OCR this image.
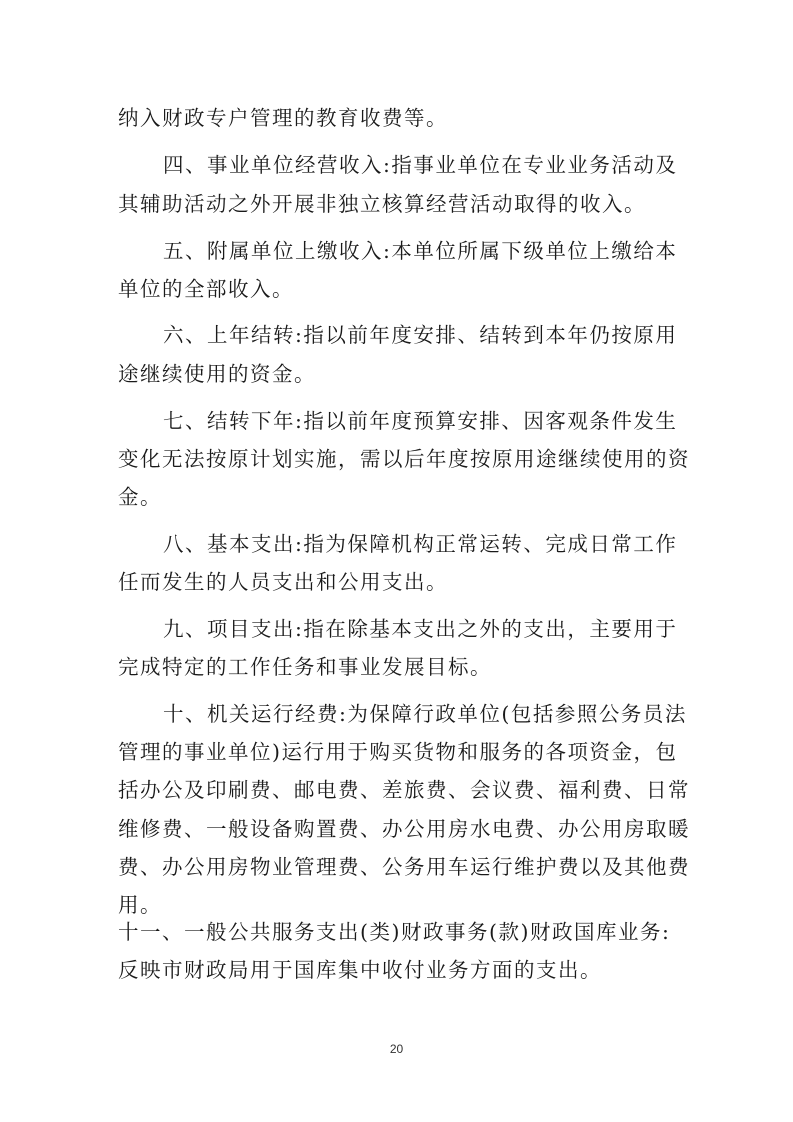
纳入财政专户管理的教育收费等。
四、事业单位经营收入:指事业单位在专业业务活动及
其辅助活动之外开展非独立核算经营活动取得的收入。
五、附属单位上缴收入:本单位所属下级单位上缴给本
单位的全部收入。
六、上年结转:指以前年度安排、结转到本年仍按原用
途继续使用的资金。
七、结转下年:指以前年度预算安排、因客观条件发生
变化无法按原计划实施，需以后年度按原用途继续使用的资
金。
八、基本支出:指为保障机构正常运转、完成日常工作
任而发生的人员支出和公用支出。
九、项目支出:指在除基本支出之外的支出，主要用于
完成特定的工作任务和事业发展目标。
十、机关运行经费:为保障行政单位(包括参照公务员法
管理的事业单位)运行用于购买货物和服务的各项资金，包
括办公及印刷费、邮电费、差旅费、会议费、福利费、日常
维修费、一般设备购置费、办公用房水电费、办公用房取暖
费、办公用房物业管理费、公务用车运行维护费以及其他费
用。
十一、一般公共服务支出(类)财政事务(款)财政国库业务:
反映市财政局用于国库集中收付业务方面的支出。
20
